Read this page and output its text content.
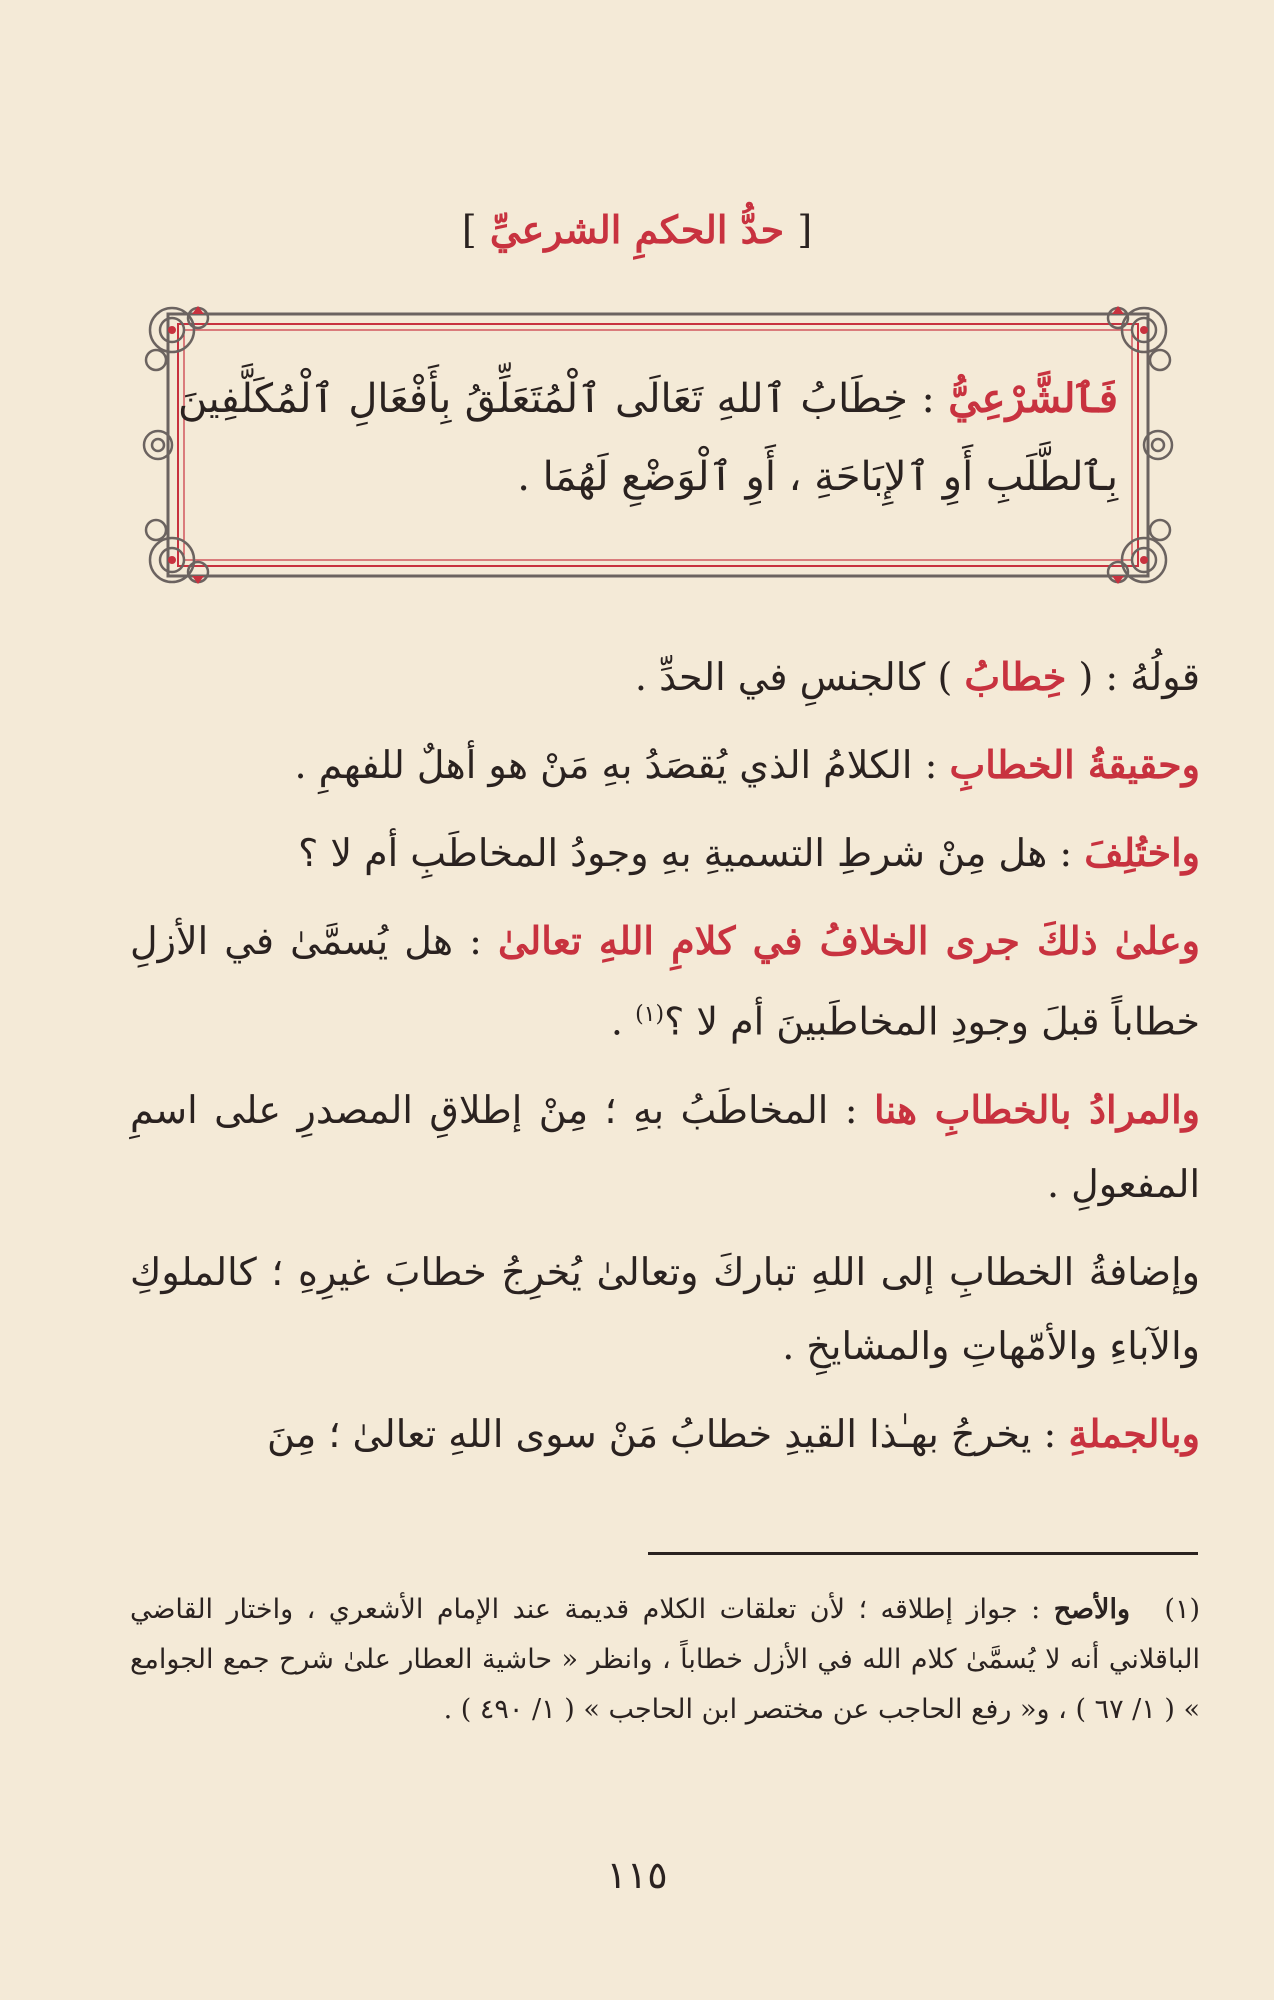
[ حدُّ الحكمِ الشرعيِّ ]
فَٱلشَّرْعِيُّ : خِطَابُ ٱللهِ تَعَالَى ٱلْمُتَعَلِّقُ بِأَفْعَالِ ٱلْمُكَلَّفِينَ بِٱلطَّلَبِ أَوِ ٱلإِبَاحَةِ ، أَوِ ٱلْوَضْعِ لَهُمَا .

قولُهُ : ( خِطابُ ) كالجنسِ في الحدِّ .

وحقيقةُ الخطابِ : الكلامُ الذي يُقصَدُ بهِ مَنْ هو أهلٌ للفهمِ .

واختُلِفَ : هل مِنْ شرطِ التسميةِ بهِ وجودُ المخاطَبِ أم لا ؟

وعلىٰ ذلكَ جرى الخلافُ في كلامِ اللهِ تعالىٰ : هل يُسمَّىٰ في الأزلِ خطاباً قبلَ وجودِ المخاطَبينَ أم لا ؟$^{(١)}$ .

والمرادُ بالخطابِ هنا : المخاطَبُ بهِ ؛ مِنْ إطلاقِ المصدرِ على اسمِ المفعولِ .

وإضافةُ الخطابِ إلى اللهِ تباركَ وتعالىٰ يُخرِجُ خطابَ غيرِهِ ؛ كالملوكِ والآباءِ والأمّهاتِ والمشايخِ .

وبالجملةِ : يخرجُ بهـٰذا القيدِ خطابُ مَنْ سوى اللهِ تعالىٰ ؛ مِنَ

(١)والأصح : جواز إطلاقه ؛ لأن تعلقات الكلام قديمة عند الإمام الأشعري ، واختار القاضي الباقلاني أنه لا يُسمَّىٰ كلام الله في الأزل خطاباً ، وانظر « حاشية العطار علىٰ شرح جمع الجوامع » ( ١/ ٦٧ ) ، و« رفع الحاجب عن مختصر ابن الحاجب » ( ١/ ٤٩٠ ) .
١١٥
